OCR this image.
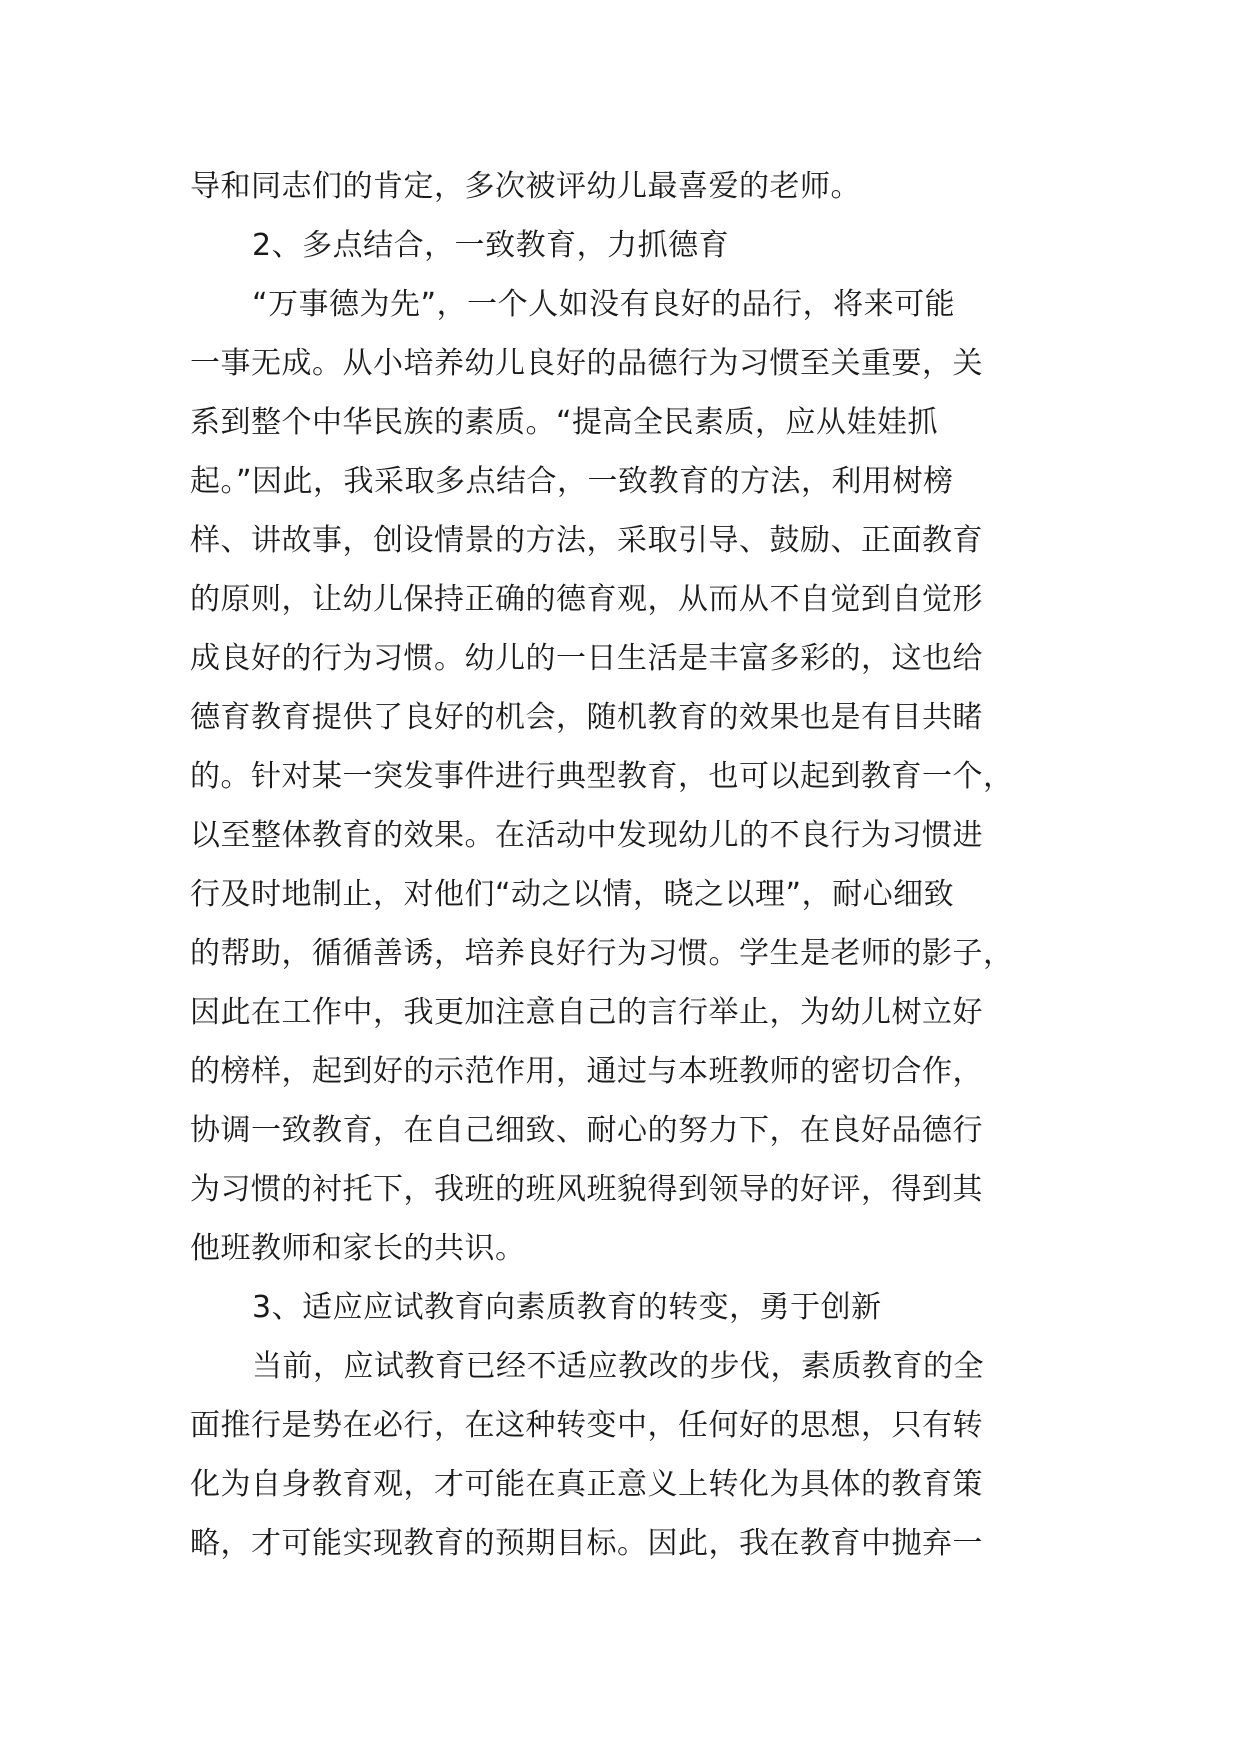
导和同志们的肯定，多次被评幼儿最喜爱的老师。
2、多点结合，一致教育，力抓德育
“万事德为先”，一个人如没有良好的品行，将来可能
一事无成。从小培养幼儿良好的品德行为习惯至关重要，关
系到整个中华民族的素质。“提高全民素质，应从娃娃抓
起。”因此，我采取多点结合，一致教育的方法，利用树榜
样、讲故事，创设情景的方法，采取引导、鼓励、正面教育
的原则，让幼儿保持正确的德育观，从而从不自觉到自觉形
成良好的行为习惯。幼儿的一日生活是丰富多彩的，这也给
德育教育提供了良好的机会，随机教育的效果也是有目共睹
的。针对某一突发事件进行典型教育，也可以起到教育一个，
以至整体教育的效果。在活动中发现幼儿的不良行为习惯进
行及时地制止，对他们“动之以情，晓之以理”，耐心细致
的帮助，循循善诱，培养良好行为习惯。学生是老师的影子，
因此在工作中，我更加注意自己的言行举止，为幼儿树立好
的榜样，起到好的示范作用，通过与本班教师的密切合作，
协调一致教育，在自己细致、耐心的努力下，在良好品德行
为习惯的衬托下，我班的班风班貌得到领导的好评，得到其
他班教师和家长的共识。
3、适应应试教育向素质教育的转变，勇于创新
当前，应试教育已经不适应教改的步伐，素质教育的全
面推行是势在必行，在这种转变中，任何好的思想，只有转
化为自身教育观，才可能在真正意义上转化为具体的教育策
略，才可能实现教育的预期目标。因此，我在教育中抛弃一
